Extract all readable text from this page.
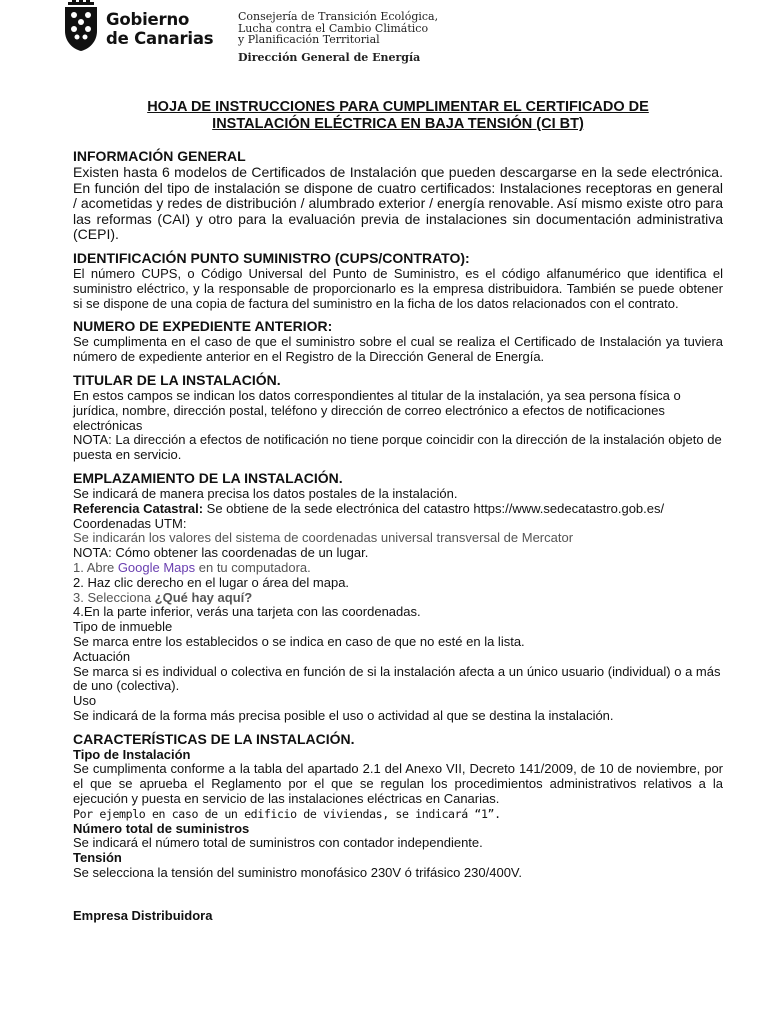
Gobierno
de Canarias
Consejería de Transición Ecológica,
Lucha contra el Cambio Climático
y Planificación Territorial
Dirección General de Energía
HOJA DE INSTRUCCIONES PARA CUMPLIMENTAR EL CERTIFICADO DE
INSTALACIÓN ELÉCTRICA EN BAJA TENSIÓN (CI BT)

INFORMACIÓN GENERAL

Existen hasta 6 modelos de Certificados de Instalación que pueden descargarse en la sede electrónica. En función del tipo de instalación se dispone de cuatro certificados: Instalaciones receptoras en general / acometidas y redes de distribución / alumbrado exterior / energía renovable. Así mismo existe otro para las reformas (CAI) y otro para la evaluación previa de instalaciones sin documentación administrativa (CEPI).

IDENTIFICACIÓN PUNTO SUMINISTRO (CUPS/CONTRATO):

El número CUPS, o Código Universal del Punto de Suministro, es el código alfanumérico que identifica el suministro eléctrico, y la responsable de proporcionarlo es la empresa distribuidora. También se puede obtener si se dispone de una copia de factura del suministro en la ficha de los datos relacionados con el contrato.

NUMERO DE EXPEDIENTE ANTERIOR:

Se cumplimenta en el caso de que el suministro sobre el cual se realiza el Certificado de Instalación ya tuviera número de expediente anterior en el Registro de la Dirección General de Energía.

TITULAR DE LA INSTALACIÓN.

En estos campos se indican los datos correspondientes al titular de la instalación, ya sea persona física o jurídica, nombre, dirección postal, teléfono y dirección de correo electrónico a efectos de notificaciones electrónicas

NOTA: La dirección a efectos de notificación no tiene porque coincidir con la dirección de la instalación objeto de puesta en servicio.

EMPLAZAMIENTO DE LA INSTALACIÓN.

Se indicará de manera precisa los datos postales de la instalación.

Referencia Catastral: Se obtiene de la sede electrónica del catastro https://www.sedecatastro.gob.es/

Coordenadas UTM:

Se indicarán los valores del sistema de coordenadas universal transversal de Mercator

NOTA: Cómo obtener las coordenadas de un lugar.

1. Abre Google Maps en tu computadora.

2. Haz clic derecho en el lugar o área del mapa.

3. Selecciona ¿Qué hay aquí?

4.En la parte inferior, verás una tarjeta con las coordenadas.

Tipo de inmueble

Se marca entre los establecidos o se indica en caso de que no esté en la lista.

Actuación

Se marca si es individual o colectiva en función de si la instalación afecta a un único usuario (individual) o a más de uno (colectiva).

Uso

Se indicará de la forma más precisa posible el uso o actividad al que se destina la instalación.

CARACTERÍSTICAS DE LA INSTALACIÓN.

Tipo de Instalación

Se cumplimenta conforme a la tabla del apartado 2.1 del Anexo VII, Decreto 141/2009, de 10 de noviembre, por el que se aprueba el Reglamento por el que se regulan los procedimientos administrativos relativos a la ejecución y puesta en servicio de las instalaciones eléctricas en Canarias.

Por ejemplo en caso de un edificio de viviendas, se indicará “1”.

Número total de suministros

Se indicará el número total de suministros con contador independiente.

Tensión

Se selecciona la tensión del suministro monofásico 230V ó trifásico 230/400V.

Empresa Distribuidora
